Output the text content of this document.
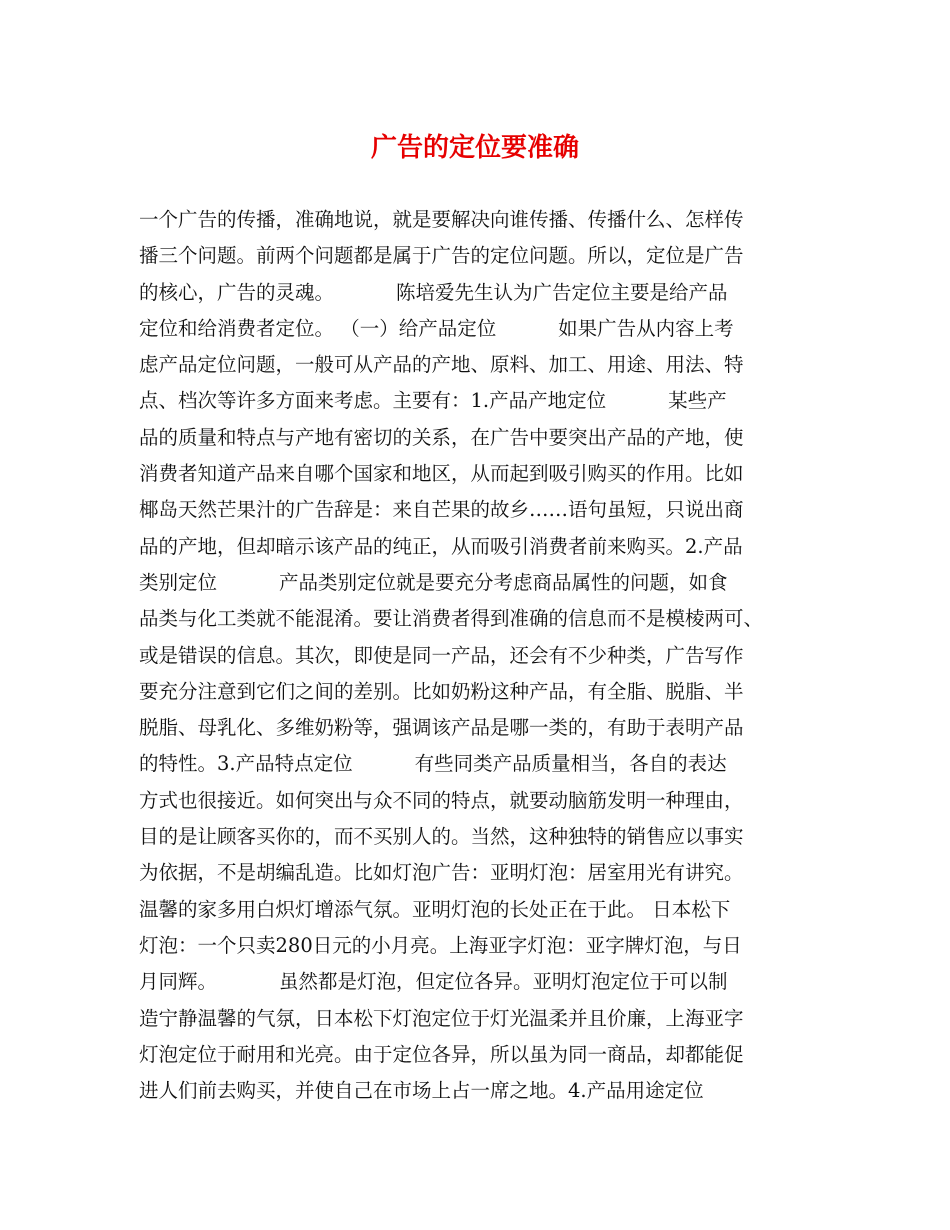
广告的定位要准确
一个广告的传播，准确地说，就是要解决向谁传播、传播什么、怎样传
播三个问题。前两个问题都是属于广告的定位问题。所以，定位是广告
的核心，广告的灵魂。          陈培爱先生认为广告定位主要是给产品
定位和给消费者定位。 （一）给产品定位          如果广告从内容上考
虑产品定位问题，一般可从产品的产地、原料、加工、用途、用法、特
点、档次等许多方面来考虑。主要有：1.产品产地定位          某些产
品的质量和特点与产地有密切的关系，在广告中要突出产品的产地，使
消费者知道产品来自哪个国家和地区，从而起到吸引购买的作用。比如
椰岛天然芒果汁的广告辞是：来自芒果的故乡……语句虽短，只说出商
品的产地，但却暗示该产品的纯正，从而吸引消费者前来购买。2.产品
类别定位          产品类别定位就是要充分考虑商品属性的问题，如食
品类与化工类就不能混淆。要让消费者得到准确的信息而不是模棱两可、
或是错误的信息。其次，即使是同一产品，还会有不少种类，广告写作
要充分注意到它们之间的差别。比如奶粉这种产品，有全脂、脱脂、半
脱脂、母乳化、多维奶粉等，强调该产品是哪一类的，有助于表明产品
的特性。3.产品特点定位          有些同类产品质量相当，各自的表达
方式也很接近。如何突出与众不同的特点，就要动脑筋发明一种理由，
目的是让顾客买你的，而不买别人的。当然，这种独特的销售应以事实
为依据，不是胡编乱造。比如灯泡广告：亚明灯泡：居室用光有讲究。
温馨的家多用白炽灯增添气氛。亚明灯泡的长处正在于此。 日本松下
灯泡：一个只卖280日元的小月亮。上海亚字灯泡：亚字牌灯泡，与日
月同辉。          虽然都是灯泡，但定位各异。亚明灯泡定位于可以制
造宁静温馨的气氛，日本松下灯泡定位于灯光温柔并且价廉，上海亚字
灯泡定位于耐用和光亮。由于定位各异，所以虽为同一商品，却都能促
进人们前去购买，并使自己在市场上占一席之地。4.产品用途定位
